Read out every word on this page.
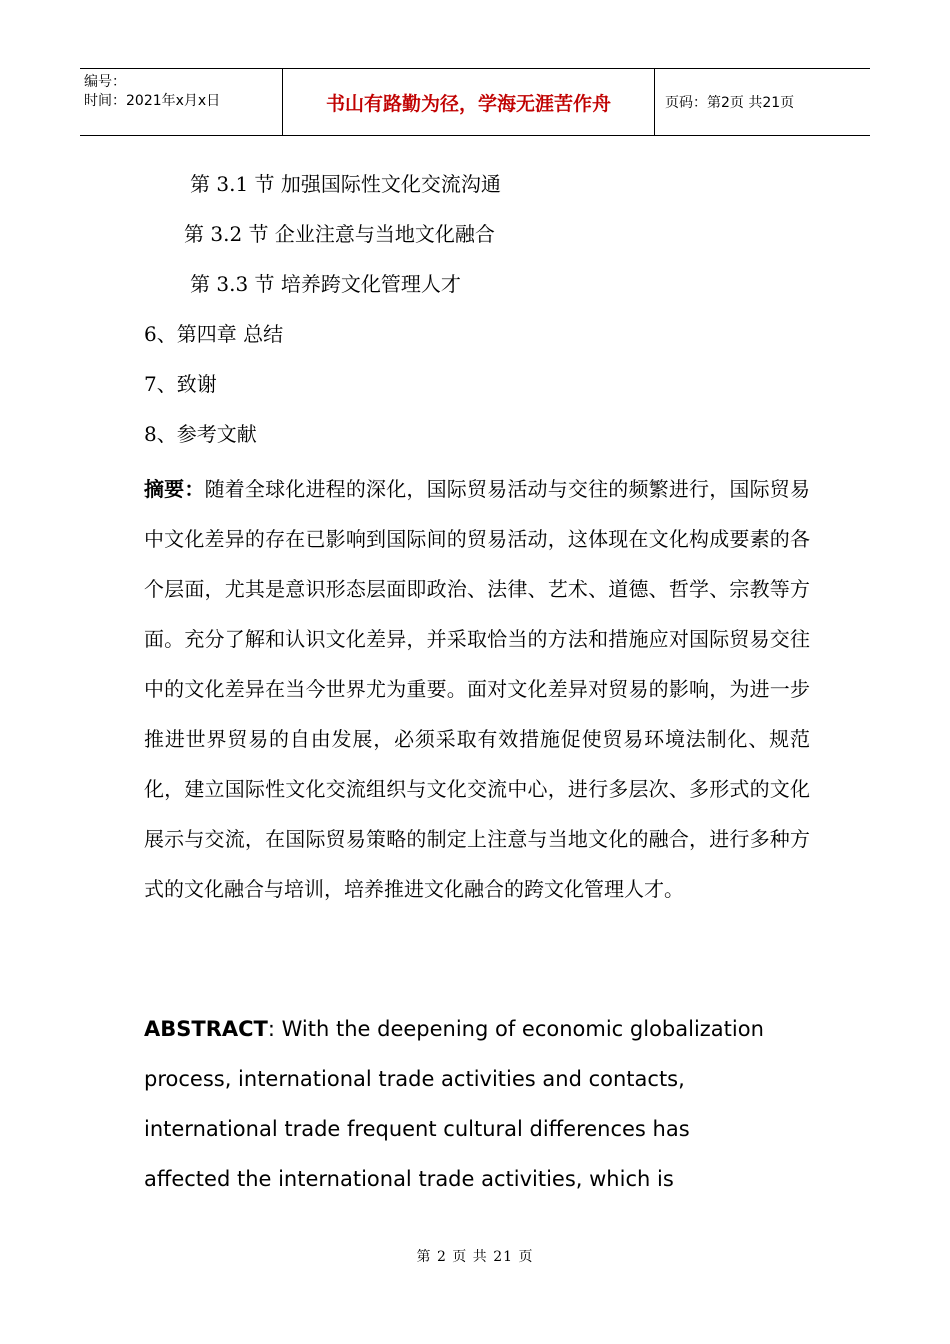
编号：
时间：2021年x月x日	书山有路勤为径，学海无涯苦作舟	页码：第2页 共21页
第 3.1 节 加强国际性文化交流沟通
第 3.2 节 企业注意与当地文化融合
第 3.3 节 培养跨文化管理人才
6、第四章 总结
7、致谢
8、参考文献
摘要：随着全球化进程的深化，国际贸易活动与交往的频繁进行，国际贸易中文化差异的存在已影响到国际间的贸易活动，这体现在文化构成要素的各个层面，尤其是意识形态层面即政治、法律、艺术、道德、哲学、宗教等方面。充分了解和认识文化差异，并采取恰当的方法和措施应对国际贸易交往中的文化差异在当今世界尤为重要。面对文化差异对贸易的影响，为进一步推进世界贸易的自由发展，必须采取有效措施促使贸易环境法制化、规范化，建立国际性文化交流组织与文化交流中心，进行多层次、多形式的文化展示与交流，在国际贸易策略的制定上注意与当地文化的融合，进行多种方式的文化融合与培训，培养推进文化融合的跨文化管理人才。
ABSTRACT: With the deepening of economic globalization
process, international trade activities and contacts,
international trade frequent cultural differences has
affected the international trade activities, which is
第 2 页 共 21 页
